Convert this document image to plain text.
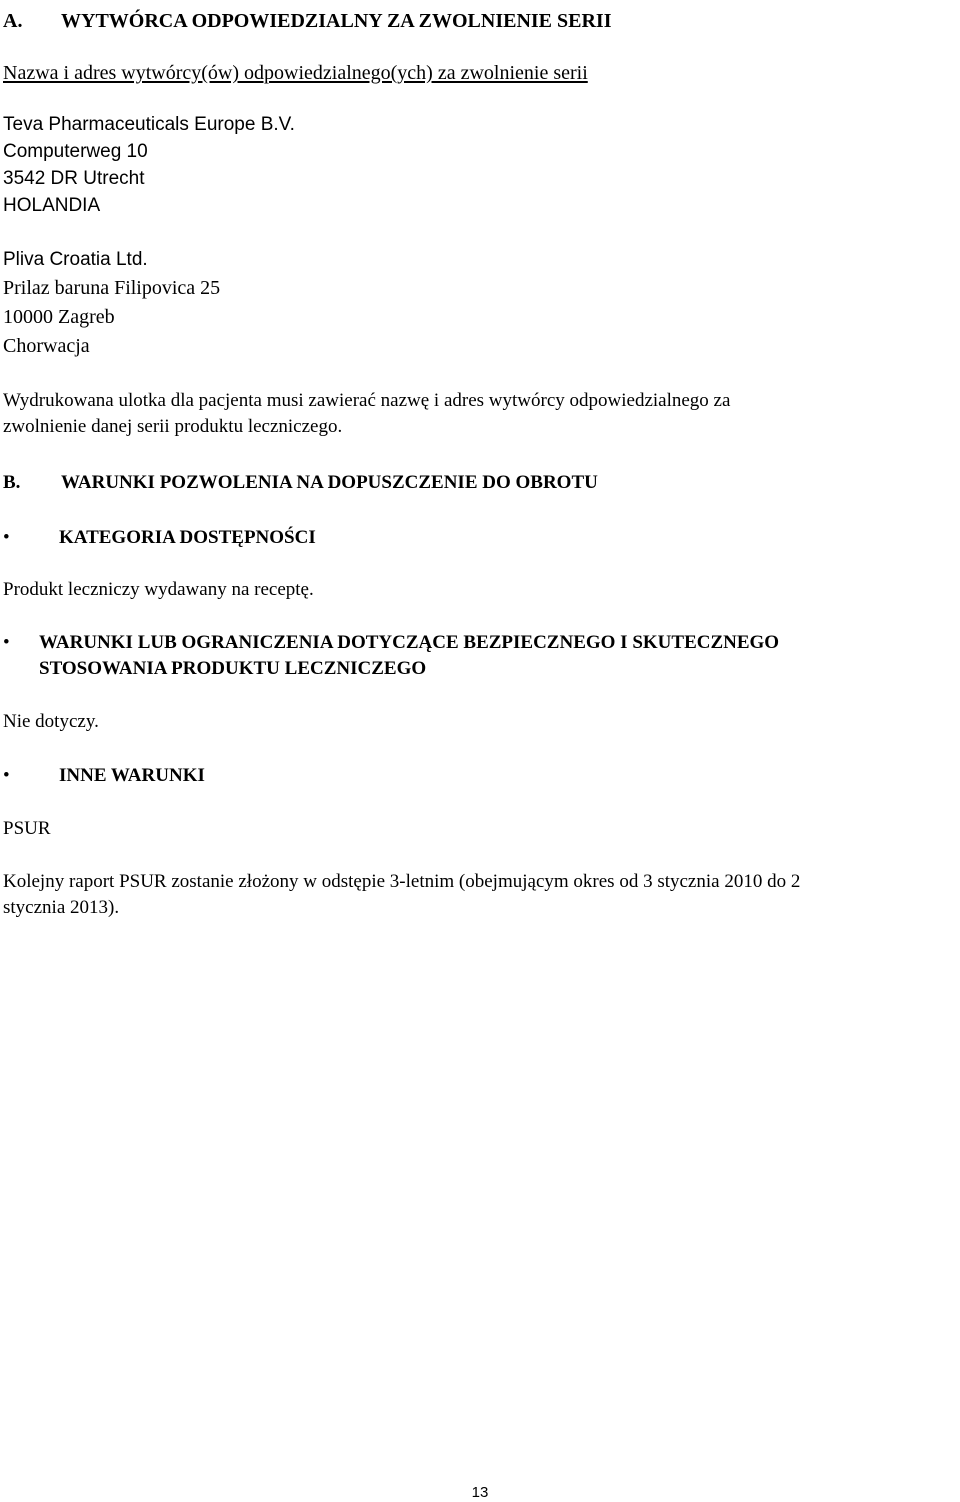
A. WYTWÓRCA ODPOWIEDZIALNY ZA ZWOLNIENIE SERII
Nazwa i adres wytwórcy(ów) odpowiedzialnego(ych) za zwolnienie serii
Teva Pharmaceuticals Europe B.V.
Computerweg 10
3542 DR Utrecht
HOLANDIA
Pliva Croatia Ltd.
Prilaz baruna Filipovica 25
10000 Zagreb
Chorwacja
Wydrukowana ulotka dla pacjenta musi zawierać nazwę i adres wytwórcy odpowiedzialnego za
zwolnienie danej serii produktu leczniczego.
B. WARUNKI POZWOLENIA NA DOPUSZCZENIE DO OBROTU
•	KATEGORIA DOSTĘPNOŚCI
Produkt leczniczy wydawany na receptę.
•	WARUNKI LUB OGRANICZENIA DOTYCZĄCE BEZPIECZNEGO I SKUTECZNEGO
STOSOWANIA PRODUKTU LECZNICZEGO
Nie dotyczy.
•	INNE WARUNKI
PSUR
Kolejny raport PSUR zostanie złożony w odstępie 3-letnim (obejmującym okres od 3 stycznia 2010 do 2
stycznia 2013).
13
